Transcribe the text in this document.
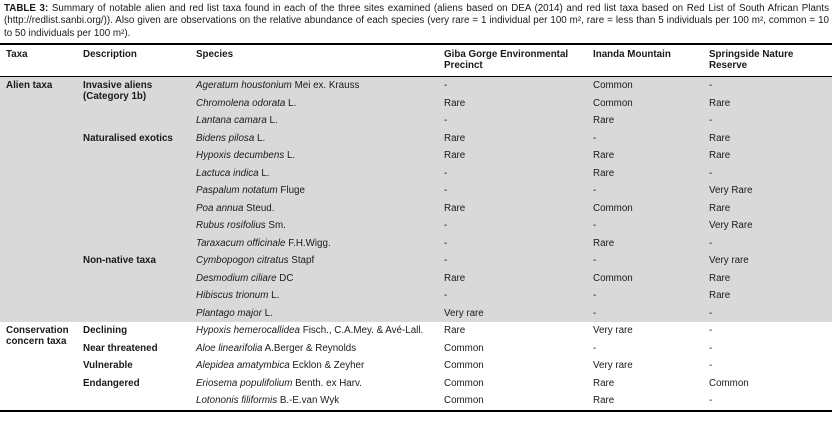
TABLE 3: Summary of notable alien and red list taxa found in each of the three sites examined (aliens based on DEA (2014) and red list taxa based on Red List of South African Plants (http://redlist.sanbi.org/)). Also given are observations on the relative abundance of each species (very rare = 1 individual per 100 m², rare = less than 5 individuals per 100 m², common = 10 to 50 individuals per 100 m²).
Taxa	Description	Species	Giba Gorge Environmental Precinct	Inanda Mountain	Springside Nature Reserve
Alien taxa	Invasive aliens (Category 1b)	Ageratum houstonium Mei ex. Krauss	-	Common	-
		Chromolena odorata L.	Rare	Common	Rare
		Lantana camara L.	-	Rare	-
	Naturalised exotics	Bidens pilosa L.	Rare	-	Rare
		Hypoxis decumbens L.	Rare	Rare	Rare
		Lactuca indica L.	-	Rare	-
		Paspalum notatum Fluge	-	-	Very Rare
		Poa annua Steud.	Rare	Common	Rare
		Rubus rosifolius Sm.	-	-	Very Rare
		Taraxacum officinale F.H.Wigg.	-	Rare	-
	Non-native taxa	Cymbopogon citratus Stapf	-	-	Very rare
		Desmodium ciliare DC	Rare	Common	Rare
		Hibiscus trionum L.	-	-	Rare
		Plantago major L.	Very rare	-	-
Conservation concern taxa	Declining	Hypoxis hemerocallidea Fisch., C.A.Mey. & Avé-Lall.	Rare	Very rare	-
	Near threatened	Aloe linearifolia A.Berger & Reynolds	Common	-	-
	Vulnerable	Alepidea amatymbica Ecklon & Zeyher	Common	Very rare	-
	Endangered	Eriosema populifolium Benth. ex Harv.	Common	Rare	Common
		Lotononis filiformis B.-E.van Wyk	Common	Rare	-
